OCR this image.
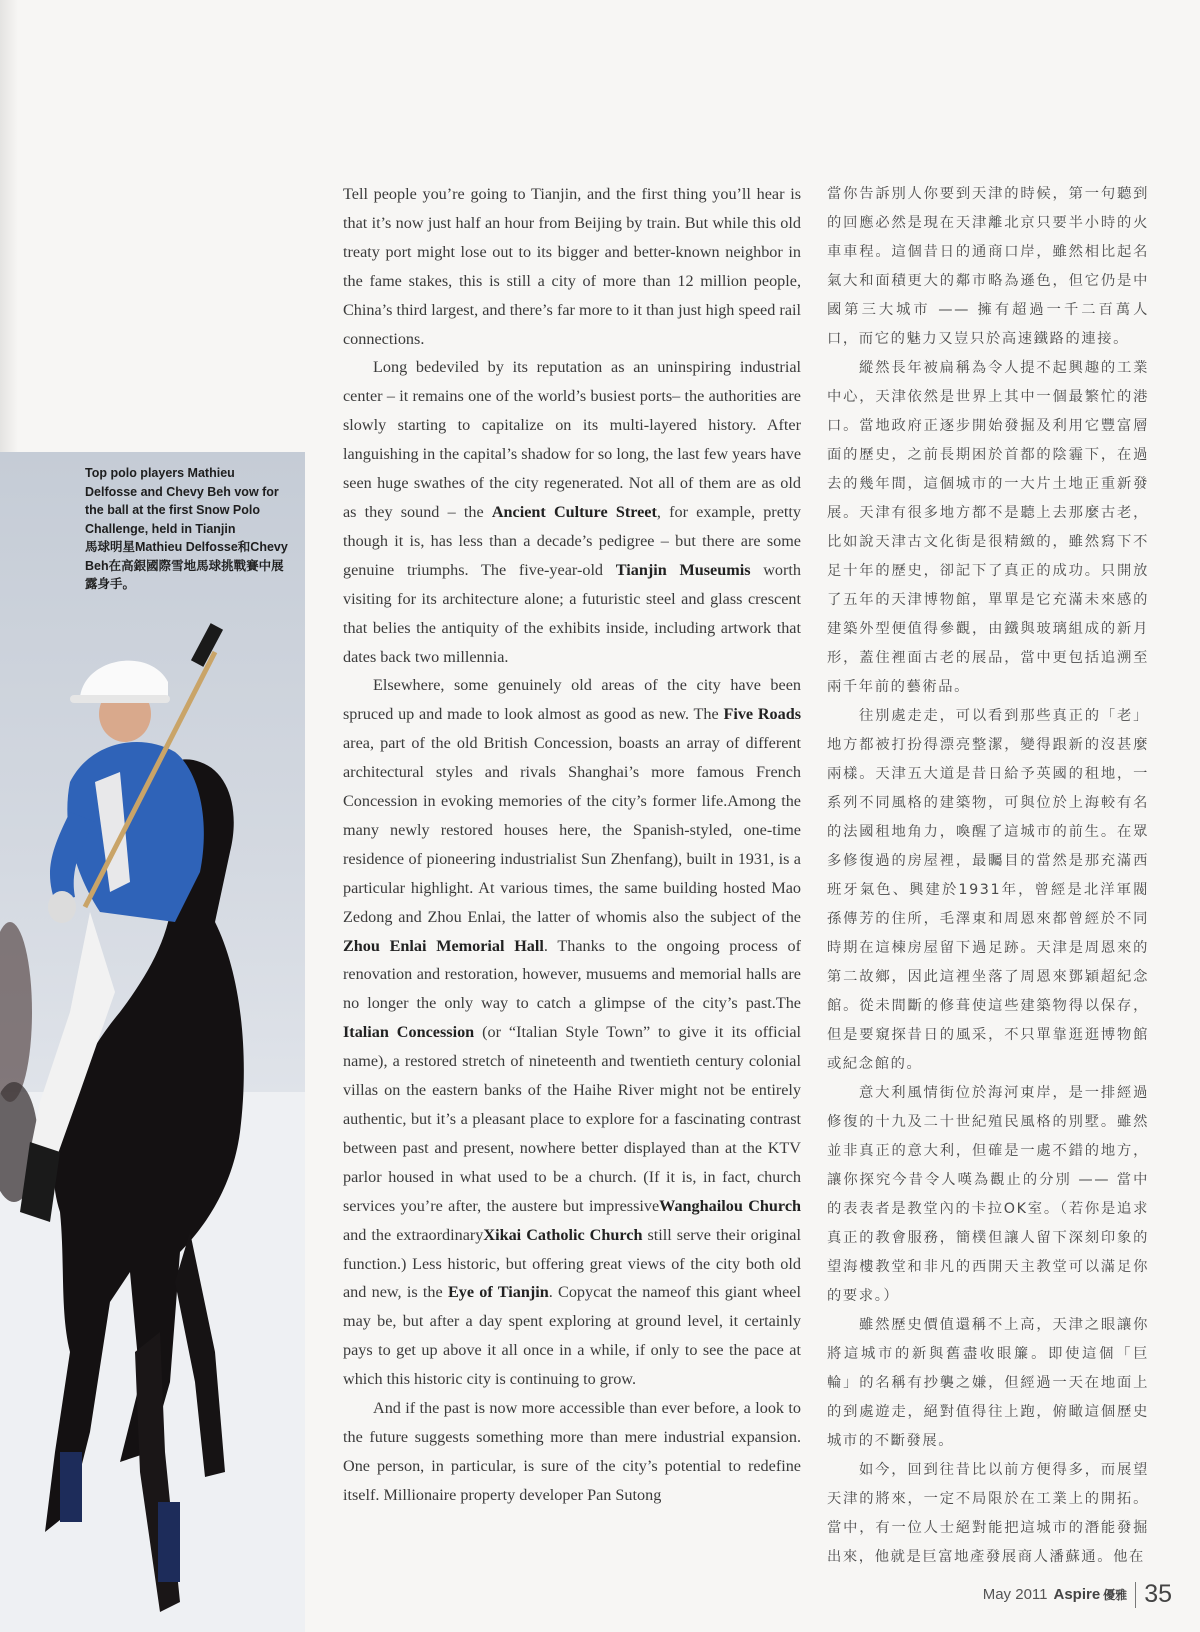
Top polo players Mathieu Delfosse and Chevy Beh vow for the ball at the first Snow Polo Challenge, held in Tianjin

馬球明星Mathieu Delfosse和Chevy Beh在高銀國際雪地馬球挑戰賽中展露身手。

Tell people you’re going to Tianjin, and the first thing you’ll hear is that it’s now just half an hour from Beijing by train. But while this old treaty port might lose out to its bigger and better-known neighbor in the fame stakes, this is still a city of more than 12 million people, China’s third largest, and there’s far more to it than just high speed rail connections.

Long bedeviled by its reputation as an uninspiring industrial center – it remains one of the world’s busiest ports– the authorities are slowly starting to capitalize on its multi-layered history. After languishing in the capital’s shadow for so long, the last few years have seen huge swathes of the city regenerated. Not all of them are as old as they sound – the Ancient Culture Street, for example, pretty though it is, has less than a decade’s pedigree – but there are some genuine triumphs. The five-year-old Tianjin Museumis worth visiting for its architecture alone; a futuristic steel and glass crescent that belies the antiquity of the exhibits inside, including artwork that dates back two millennia.

Elsewhere, some genuinely old areas of the city have been spruced up and made to look almost as good as new. The Five Roads area, part of the old British Concession, boasts an array of different architectural styles and rivals Shanghai’s more famous French Concession in evoking memories of the city’s former life.Among the many newly restored houses here, the Spanish-styled, one-time residence of pioneering industrialist Sun Zhenfang), built in 1931, is a particular highlight. At various times, the same building hosted Mao Zedong and Zhou Enlai, the latter of whomis also the subject of the Zhou Enlai Memorial Hall. Thanks to the ongoing process of renovation and restoration, however, musuems and memorial halls are no longer the only way to catch a glimpse of the city’s past.The Italian Concession (or “Italian Style Town” to give it its official name), a restored stretch of nineteenth and twentieth century colonial villas on the eastern banks of the Haihe River might not be entirely authentic, but it’s a pleasant place to explore for a fascinating contrast between past and present, nowhere better displayed than at the KTV parlor housed in what used to be a church. (If it is, in fact, church services you’re after, the austere but impressiveWanghailou Church and the extraordinaryXikai Catholic Church still serve their original function.) Less historic, but offering great views of the city both old and new, is the Eye of Tianjin. Copycat the nameof this giant wheel may be, but after a day spent exploring at ground level, it certainly pays to get up above it all once in a while, if only to see the pace at which this historic city is continuing to grow.

And if the past is now more accessible than ever before, a look to the future suggests something more than mere industrial expansion. One person, in particular, is sure of the city’s potential to redefine itself. Millionaire property developer Pan Sutong

當你告訴別人你要到天津的時候，第一句聽到的回應必然是現在天津離北京只要半小時的火車車程。這個昔日的通商口岸，雖然相比起名氣大和面積更大的鄰市略為遜色，但它仍是中國第三大城市 —— 擁有超過一千二百萬人口，而它的魅力又豈只於高速鐵路的連接。

縱然長年被扁稱為令人提不起興趣的工業中心，天津依然是世界上其中一個最繁忙的港口。當地政府正逐步開始發掘及利用它豐富層面的歷史，之前長期困於首都的陰霾下，在過去的幾年間，這個城市的一大片土地正重新發展。天津有很多地方都不是聽上去那麼古老，比如說天津古文化街是很精緻的，雖然寫下不足十年的歷史，卻記下了真正的成功。只開放了五年的天津博物館，單單是它充滿未來感的建築外型便值得參觀，由鐵與玻璃組成的新月形，蓋住裡面古老的展品，當中更包括追溯至兩千年前的藝術品。

往別處走走，可以看到那些真正的「老」地方都被打扮得漂亮整潔，變得跟新的沒甚麼兩樣。天津五大道是昔日給予英國的租地，一系列不同風格的建築物，可與位於上海較有名的法國租地角力，喚醒了這城市的前生。在眾多修復過的房屋裡，最矚目的當然是那充滿西班牙氣色、興建於1931年，曾經是北洋軍閥孫傳芳的住所，毛澤東和周恩來都曾經於不同時期在這棟房屋留下過足跡。天津是周恩來的第二故鄉，因此這裡坐落了周恩來鄧穎超紀念館。從未間斷的修葺使這些建築物得以保存，但是要窺探昔日的風采，不只單靠逛逛博物館或紀念館的。

意大利風情街位於海河東岸，是一排經過修復的十九及二十世紀殖民風格的別墅。雖然並非真正的意大利，但確是一處不錯的地方，讓你探究今昔令人嘆為觀止的分別 —— 當中的表表者是教堂內的卡拉OK室。（若你是追求真正的教會服務，簡樸但讓人留下深刻印象的望海樓教堂和非凡的西開天主教堂可以滿足你的要求。）

雖然歷史價值還稱不上高，天津之眼讓你將這城市的新與舊盡收眼簾。即使這個「巨輪」的名稱有抄襲之嫌，但經過一天在地面上的到處遊走，絕對值得往上跑，俯瞰這個歷史城市的不斷發展。

如今，回到往昔比以前方便得多，而展望天津的將來，一定不局限於在工業上的開拓。當中，有一位人士絕對能把這城市的潛能發掘出來，他就是巨富地產發展商人潘蘇通。他在

May 2011 Aspire 優雅 35
